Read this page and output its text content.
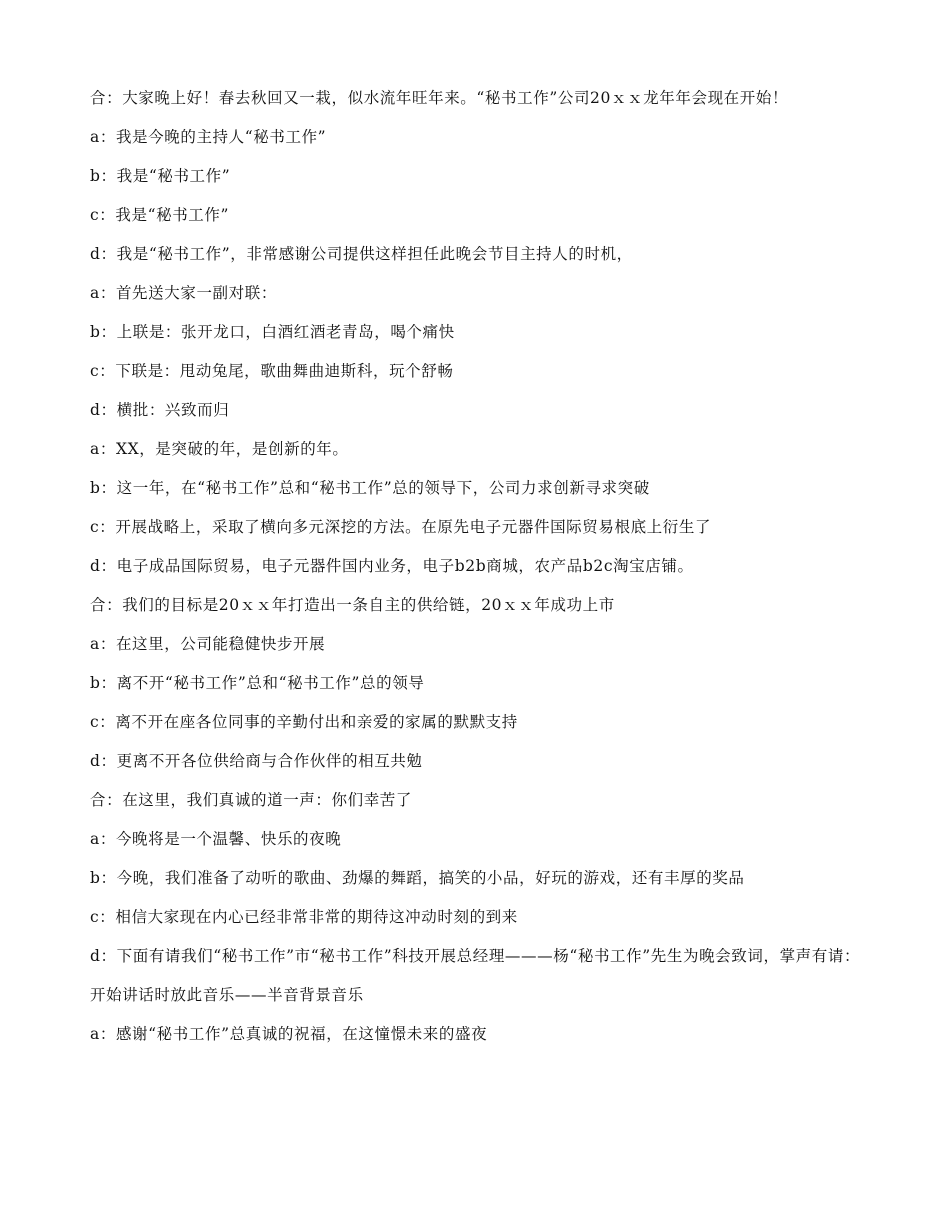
合：大家晚上好！春去秋回又一栽，似水流年旺年来。“秘书工作”公司20ｘｘ龙年年会现在开始！

a：我是今晚的主持人“秘书工作”

b：我是“秘书工作”

c：我是“秘书工作”

d：我是“秘书工作”，非常感谢公司提供这样担任此晚会节目主持人的时机，

a：首先送大家一副对联：

b：上联是：张开龙口，白酒红酒老青岛，喝个痛快

c：下联是：甩动兔尾，歌曲舞曲迪斯科，玩个舒畅

d：横批：兴致而归

a：XX，是突破的年，是创新的年。

b：这一年，在“秘书工作”总和“秘书工作”总的领导下，公司力求创新寻求突破

c：开展战略上，采取了横向多元深挖的方法。在原先电子元器件国际贸易根底上衍生了

d：电子成品国际贸易，电子元器件国内业务，电子b2b商城，农产品b2c淘宝店铺。

合：我们的目标是20ｘｘ年打造出一条自主的供给链，20ｘｘ年成功上市

a：在这里，公司能稳健快步开展

b：离不开“秘书工作”总和“秘书工作”总的领导

c：离不开在座各位同事的辛勤付出和亲爱的家属的默默支持

d：更离不开各位供给商与合作伙伴的相互共勉

合：在这里，我们真诚的道一声：你们幸苦了

a：今晚将是一个温馨、快乐的夜晚

b：今晚，我们准备了动听的歌曲、劲爆的舞蹈，搞笑的小品，好玩的游戏，还有丰厚的奖品

c：相信大家现在内心已经非常非常的期待这冲动时刻的到来

d：下面有请我们“秘书工作”市“秘书工作”科技开展总经理———杨“秘书工作”先生为晚会致词，掌声有请：

开始讲话时放此音乐——半音背景音乐

a：感谢“秘书工作”总真诚的祝福，在这憧憬未来的盛夜
